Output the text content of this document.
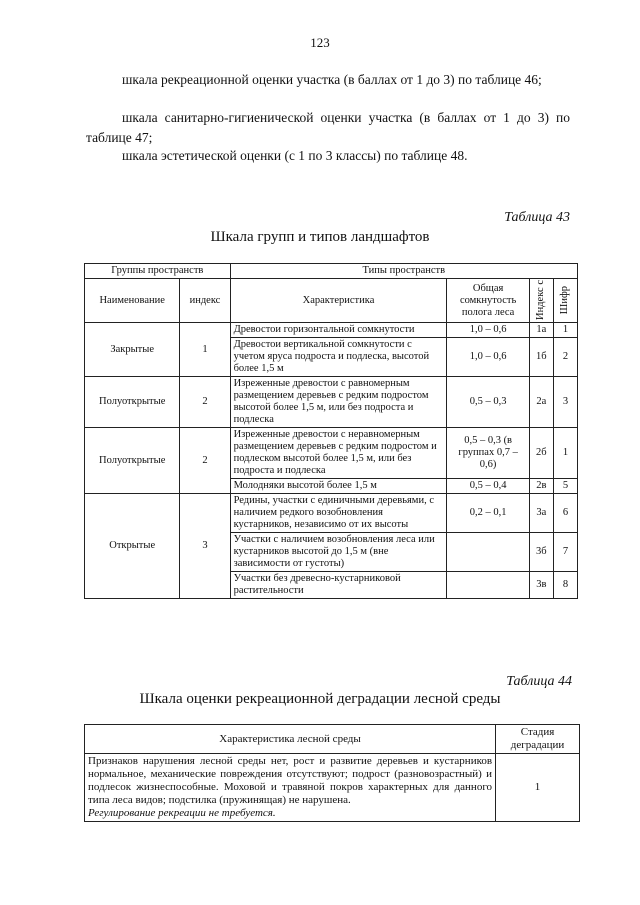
123
шкала рекреационной оценки участка (в баллах от 1 до 3) по таблице 46;
шкала санитарно-гигиенической оценки участка (в баллах от 1 до 3) по таблице 47;
шкала эстетической оценки (с 1 по 3 классы) по таблице 48.
Таблица 43
Шкала групп и типов ландшафтов
Группы пространств		Типы пространств			
Наименование	индекс	Характеристика	Общая сомкнутость полога леса	Индекс с	Шифр

Закрытые	1	Древостои горизонтальной сомкнутости	1,0 – 0,6	1а	1
		Древостои вертикальной сомкнутости с учетом яруса подроста и подлеска, высотой более 1,5 м	1,0 – 0,6	1б	2
Полуоткрытые	2	Изреженные древостои с равномерным размещением деревьев с редким подростом высотой более 1,5 м, или без подроста и подлеска	0,5 – 0,3	2а	3
Полуоткрытые	2	Изреженные древостои с неравномерным размещением деревьев с редким подростом и подлеском высотой более 1,5 м, или без подроста и подлеска	0,5 – 0,3 (в группах 0,7 – 0,6)	2б	1
		Молодняки высотой более 1,5 м	0,5 – 0,4	2в	5
Открытые	3	Редины, участки с единичными деревьями, с наличием редкого возобновления кустарников, независимо от их высоты	0,2 – 0,1	3а	6
		Участки с наличием возобновления леса или кустарников высотой до 1,5 м (вне зависимости от густоты)		3б	7
		Участки без древесно-кустарниковой растительности		3в	8
Таблица 44
Шкала оценки рекреационной деградации лесной среды
Характеристика лесной среды	Стадия деградации
Признаков нарушения лесной среды нет, рост и развитие деревьев и кустарников нормальное, механические повреждения отсутствуют; подрост (разновозрастный) и подлесок жизнеспособные. Моховой и травяной покров характерных для данного типа леса видов; подстилка (пружинящая) не нарушена.
Регулирование рекреации не требуется.	1
